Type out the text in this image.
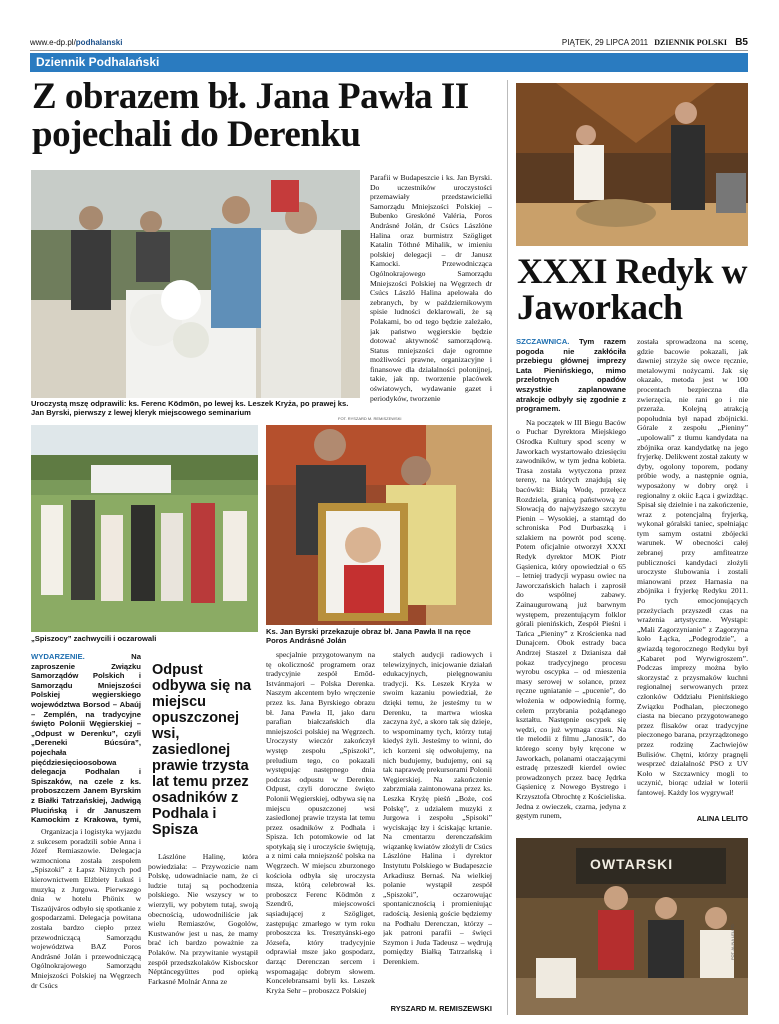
www.e-dp.pl/podhalanski	PIĄTEK, 29 LIPCA 2011 DZIENNIK POLSKI B5
Dziennik Podhalański
Z obrazem bł. Jana Pawła II pojechali do Derenku
Uroczystą mszę odprawili: ks. Ferenc Ködmön, po lewej ks. Leszek Kryża, po prawej ks. Jan Byrski, pierwszy z lewej kleryk miejscowego seminarium
„Spiszocy” zachwycili i oczarowali
Ks. Jan Byrski przekazuje obraz bł. Jana Pawła II na ręce Poros Andrásné Jolán
FOT. RYSZARD M. REMISZEWSKI

Parafii w Budapeszcie i ks. Jan Byrski. Do uczestników uroczystości przemawiały przedstawicielki Samorządu Mniejszości Polskiej – Bubenko Greskóné Valéria, Poros Andrásné Jolán, dr Csúcs Lászlóne Halina oraz burmistrz Szögliget Katalin Tóthné Mihalik, w imieniu polskiej delegacji – dr Janusz Kamocki. Przewodnicząca Ogólnokrajowego Samorządu Mniejszości Polskiej na Węgrzech dr Csúcs László Halina apelowała do zebranych, by w październikowym spisie ludności deklarowali, że są Polakami, bo od tego będzie zależało, jak państwo węgierskie będzie dotować aktywność samorządową. Status mniejszości daje ogromne możliwości prawne, organizacyjne i finansowe dla działalności polonijnej, takie, jak np. tworzenie placówek oświatowych, wydawanie gazet i periodyków, tworzenie

WYDARZENIE.	Na zaproszenie Związku Samorządów Polskich i Samorządu Mniejszości Polskiej węgierskiego województwa Borsod – Abaúj – Zemplén, na tradycyjne święto Polonii Węgierskiej – „Odpust w Derenku”, czyli „Dereneki Búcsúra”, pojechała pięćdziesięcioosobowa delegacja Podhalan i Spiszaków, na czele z ks. proboszczem Janem Byrskim z Białki Tatrzańskiej, Jadwigą Plucińską i dr Januszem Kamockim z Krakowa, tymi,

Organizacja i logistyka wyjazdu z sukcesem poradzili sobie Anna i Józef Remiaszowie. Delegacja wzmocniona została zespołem „Spiszoki” z Łapsz Niżnych pod kierownictwem Elżbiety Łukuś i muzyką z Jurgowa. Pierwszego dnia w hotelu Phönix w Tiszaújváros odbyło się spotkanie z gospodarzami. Delegacja powitana została bardzo ciepło przez przewodniczącą Samorządu województwa BAZ Poros Andrásné Jolán i przewodniczącą Ogólnokrajowego Samorządu Mniejszości Polskiej na Węgrzech dr Csúcs

Odpust odbywa się na miejscu opuszczonej wsi, zasiedlonej prawie trzysta lat temu przez osadników z Podhala i Spisza

Lászlóne Halinę, która powiedziała: – Przywozicie nam Polskę, udowadniacie nam, że ci ludzie tutaj są pochodzenia polskiego. Nie wszyscy w to wierzyli, wy pobytem tutaj, swoją obecnością, udowodniliście jak wielu Remiaszów, Gogolów, Kustwanów jest u nas, że mamy brać ich bardzo poważnie za Polaków. Na przywitanie wystąpił zespół przedszkolaków Kisbocskor Néptáncegyüttes pod opieką Farkasné Molnár Anna ze

specjalnie przygotowanym na tę okoliczność programem oraz tradycyjnie zespół Emőd-Istvánmajori – Polska Derenka. Naszym akcentem było wręczenie przez ks. Jana Byrskiego obrazu bł. Jana Pawła II, jako daru parafian białczańskich dla mniejszości polskiej na Węgrzech. Uroczysty wieczór zakończył występ zespołu „Spiszoki”, preludium tego, co pokazali występując następnego dnia podczas odpustu w Derenku. Odpust, czyli doroczne święto Polonii Węgierskiej, odbywa się na miejscu opuszczonej wsi zasiedlonej prawie trzysta lat temu przez osadników z Podhala i Spisza. Ich potomkowie od lat spotykają się i uroczyście świętują, a z nimi cała mniejszość polska na Węgrzech. W miejscu zburzonego kościoła odbyła się uroczysta msza, którą celebrował ks. proboszcz Ferenc Ködmön z Szendrő, miejscowości sąsiadującej z Szögliget, zastępując zmarłego w tym roku proboszcza ks. Tresztyánski-ego Józsefa, który tradycyjnie odprawiał msze jako gospodarz, darząc Derenczan sercem i wspomagając dobrym słowem. Koncelebransami byli ks. Leszek Kryża Sehr – proboszcz Polskiej

stałych audycji radiowych i telewizyjnych, inicjowanie działań edukacyjnych, pielęgnowaniu tradycji. Ks. Leszek Kryża w swoim kazaniu powiedział, że dzięki temu, że jesteśmy tu w Derenku, ta martwa wioska zaczyna żyć, a skoro tak się dzieje, to wspominamy tych, którzy tutaj kiedyś żyli. Jesteśmy to winni, do ich korzeni się odwołujemy, na nich budujemy, budujemy, oni są tak naprawdę prekursorami Polonii Węgierskiej. Na zakończenie zabrzmiała zaintonowana przez ks. Leszka Kryżę pieśń „Boże, coś Polskę”, z udziałem muzyki z Jurgowa i zespołu „Spisoki” wyciskając łzy i ściskając krtanie. Na cmentarzu derenczańskim wiązankę kwiatów złożyli dr Csúcs Lászlóne Halina i dyrektor Instytutu Polskiego w Budapeszcie Arkadiusz Bernaś. Na wielkiej polanie wystąpił zespół „Spiszoki”, oczarowując spontanicznością i promieniując radością. Jesienią goście będziemy na Podhalu Derenczan, którzy – jak patroni parafii – święci Szymon i Juda Tadeusz – wędrują pomiędzy Białką Tatrzańską i Derenkiem.

RYSZARD M. REMISZEWSKI
XXXI Redyk w Jaworkach
SZCZAWNICA. Tym razem pogoda nie zakłóciła przebiegu głównej imprezy Lata Pienińskiego, mimo przelotnych opadów wszystkie zaplanowane atrakcje odbyły się zgodnie z programem.

Na początek w III Biegu Baców o Puchar Dyrektora Miejskiego Ośrodka Kultury spod sceny w Jaworkach wystartowało dziesięciu zawodników, w tym jedna kobieta. Trasa została wytyczona przez tereny, na których znajdują się bacówki: Białą Wodę, przełęcz Rozdziela, granicą państwową ze Słowacją do najwyższego szczytu Pienin – Wysokiej, a stamtąd do schroniska Pod Durbaszką i szlakiem na powrót pod scenę. Potem oficjalnie otworzył XXXI Redyk dyrektor MOK Piotr Gąsienica, który opowiedział o 65 – letniej tradycji wypasu owiec na Jaworczańskich halach i zaprosił do wspólnej zabawy. Zainaugurowaną już barwnym występem, prezentującym folklor górali pienińskich, Zespół Pieśni i Tańca „Pieniny” z Krościenka nad Dunajcem. Obok estrady baca Andrzej Staszel z Dzianisza dał pokaz tradycyjnego procesu wyrobu oscypka – od mieszenia masy serowej w solance, przez ręczne ugniatanie – „pucenie”, do włożenia w odpowiednią formę, celem przybrania pożądanego kształtu. Następnie oscypek się wędzi, co już wymaga czasu. Na tle melodii z filmu „Janosik”, do którego sceny były kręcone w Jaworkach, polanami otaczającymi estradę przeszedł kierdel owiec prowadzonych przez bacę Jędrka Gąsienicę z Nowego Bystrego i Krzysztofa Obrochtę z Kościeliska. Jedna z owieczek, czarna, jedyna z gęstym runem,

została sprowadzona na scenę, gdzie bacowie pokazali, jak dawniej strzyże się owce ręcznie, metalowymi nożycami. Jak się okazało, metoda jest w 100 procentach bezpieczna dla zwierzęcia, nie rani go i nie przeraża. Kolejną atrakcją popołudnia był napad zbójnicki. Górale z zespołu „Pieniny” „upolowali” z tłumu kandydata na zbójnika oraz kandydatkę na jego fryjerkę. Delikwent został zakuty w dyby, ogolony toporem, podany próbie wody, a następnie ognia, wyposażony w dobry oręż i regionalny z okiic Łąca i gwizdżąc. Spisał się dzielnie i na zakończenie, wraz z potencjalną fryjerką, wykonał góralski taniec, spełniając tym samym ostatni zbójecki warunek. W obecności całej zebranej przy amfiteatrze publiczności kandydaci złożyli uroczyste ślubowania i zostali mianowani przez Harnasia na zbójnika i fryjerkę Redyku 2011. Po tych emocjonujących przeżyciach przyszedł czas na wrażenia artystyczne. Wystąpi: „Mali Zagorzynianie” z Zagorzyna koło Łącka, „Podegrodzie”, a gwiazdą tegorocznego Redyku był „Kabaret pod Wyrwigroszem”. Podczas imprezy można było skorzystać z przysmaków kuchni regionalnej serwowanych przez członków Oddziału Pienińskiego Związku Podhalan, pieczonego ciasta na biecano przygotowanego przez flisaków oraz tradycyjne pieczonego barana, przyrządzonego przez rodzinę Zachwiejów Bulisiów. Chętni, którzy pragnęli wesprzeć działalność PSO z UV Koło w Szczawnicy mogli to uczynić, biorąc udział w loterii fantowej. Każdy los wygrywał!

ALINA LELITO
OWTARSKI
FOT. ALINA LELITO
